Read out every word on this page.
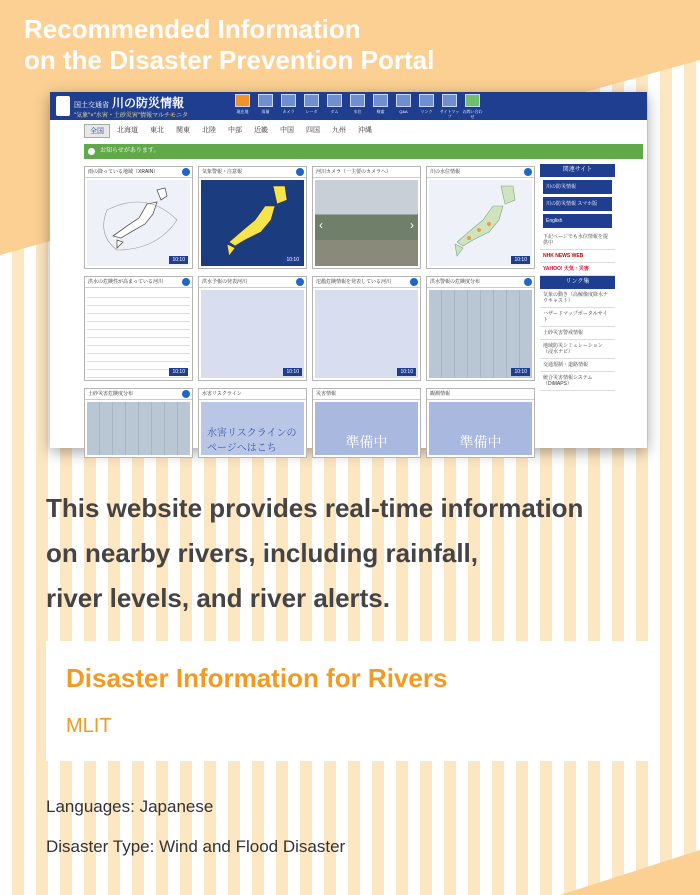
Recommended Information
on the Disaster Prevention Portal
国土交通省 川の防災情報
"気象"×"水害・土砂災害"情報マルチモニタ
現在地	雨量	カメラ	レーダ	ダム	水位	検索	Q&A	リンク	サイトマップ
お問い合わせ
全国	北海道	東北	関東	北陸	中部	近畿	中国	四国	九州	沖縄
お知らせがあります。
雨の降っている地域（XRAIN）
10:10
気象警報・注意報
10:10
河川カメラ（一主要のカメラへ）
‹	›
川の水位情報
10:10
洪水の危険性が高まっている河川
10:10
洪水予報の発表河川
10:10
氾濫危険情報を発表している河川
10:10
洪水警報の危険度分布
10:10
土砂災害危険度分布	水害リスクライン
水害リスクラインのページへはこち
災害情報
準備中
観測情報
準備中
関連サイト
川の防災情報
川の防災情報 スマホ版
English
下記ページでも水位情報を提供中
NHK NEWS WEB
YAHOO! 天気・災害
リンク集
気象の動き（高解像度降水ナウキャスト）
ハザードマップポータルサイト
土砂災害警戒情報
地域防災シミュレーション（浸水ナビ）
交通規制・道路情報
統合災害情報システム（DiMAPS）
This website provides real-time information
on nearby rivers, including rainfall,
river levels, and river alerts.
Disaster Information for Rivers
MLIT
Languages: Japanese
Disaster Type: Wind and Flood Disaster
